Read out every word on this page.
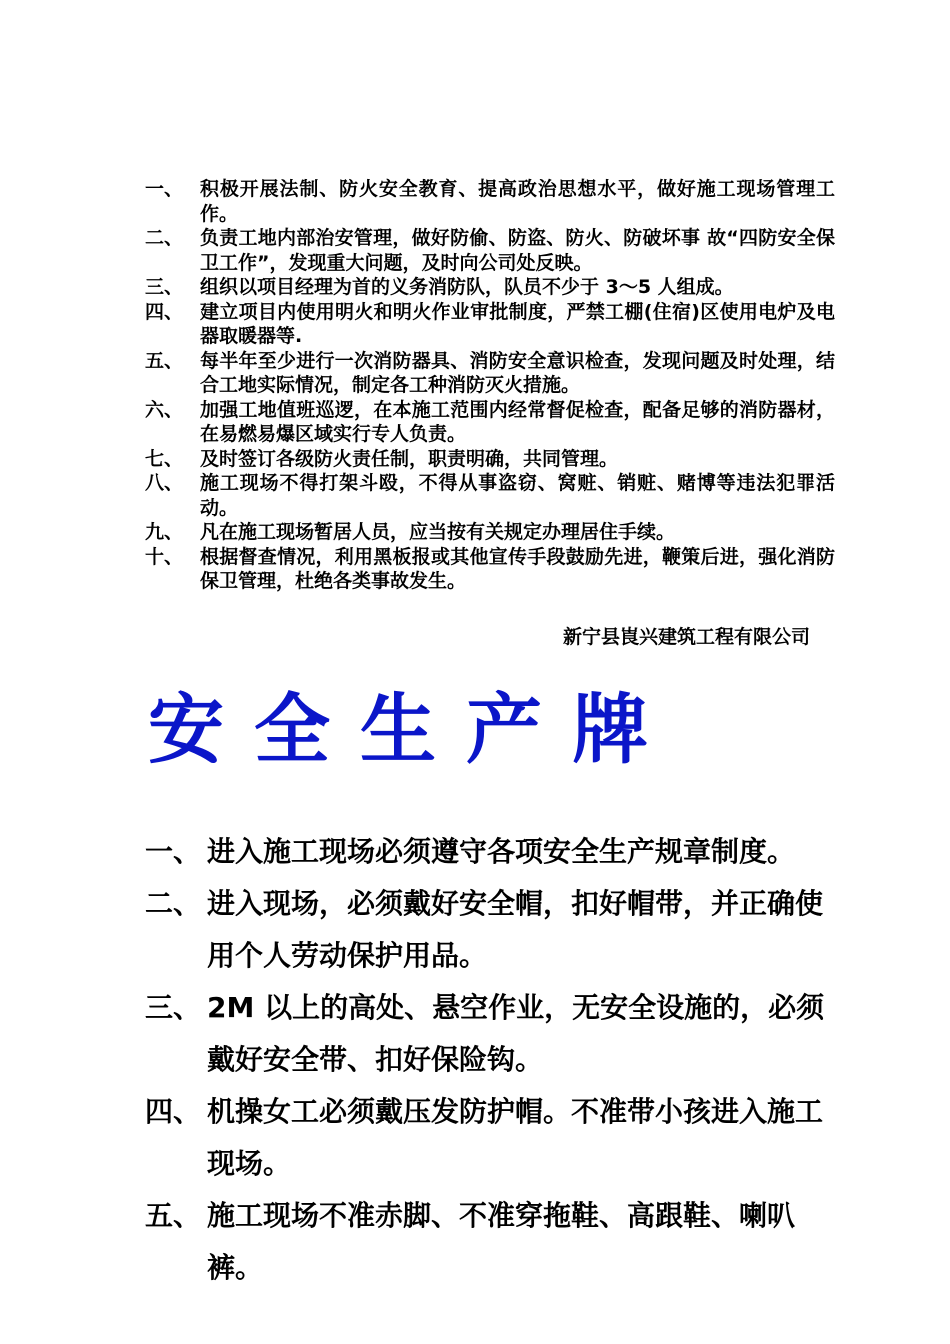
一、 积极开展法制、防火安全教育、提高政治思想水平，做好施工现场管理工作。
二、 负责工地内部治安管理，做好防偷、防盗、防火、防破坏事 故“四防安全保卫工作”，发现重大问题，及时向公司处反映。
三、 组织以项目经理为首的义务消防队，队员不少于 3～5 人组成。
四、 建立项目内使用明火和明火作业审批制度，严禁工棚(住宿)区使用电炉及电器取暖器等.
五、 每半年至少进行一次消防器具、消防安全意识检查，发现问题及时处理，结合工地实际情况，制定各工种消防灭火措施。
六、 加强工地值班巡逻，在本施工范围内经常督促检查，配备足够的消防器材，在易燃易爆区域实行专人负责。
七、 及时签订各级防火责任制，职责明确，共同管理。
八、 施工现场不得打架斗殴，不得从事盗窃、窝赃、销赃、赌博等违法犯罪活动。
九、 凡在施工现场暂居人员，应当按有关规定办理居住手续。
十、 根据督查情况，利用黑板报或其他宣传手段鼓励先进，鞭策后进，强化消防保卫管理，杜绝各类事故发生。
新宁县崀兴建筑工程有限公司
安全生产牌
一、 进入施工现场必须遵守各项安全生产规章制度。
二、 进入现场，必须戴好安全帽，扣好帽带，并正确使用个人劳动保护用品。
三、 2M 以上的高处、悬空作业，无安全设施的，必须戴好安全带、扣好保险钩。
四、 机操女工必须戴压发防护帽。不准带小孩进入施工现场。
五、 施工现场不准赤脚、不准穿拖鞋、高跟鞋、喇叭裤。
